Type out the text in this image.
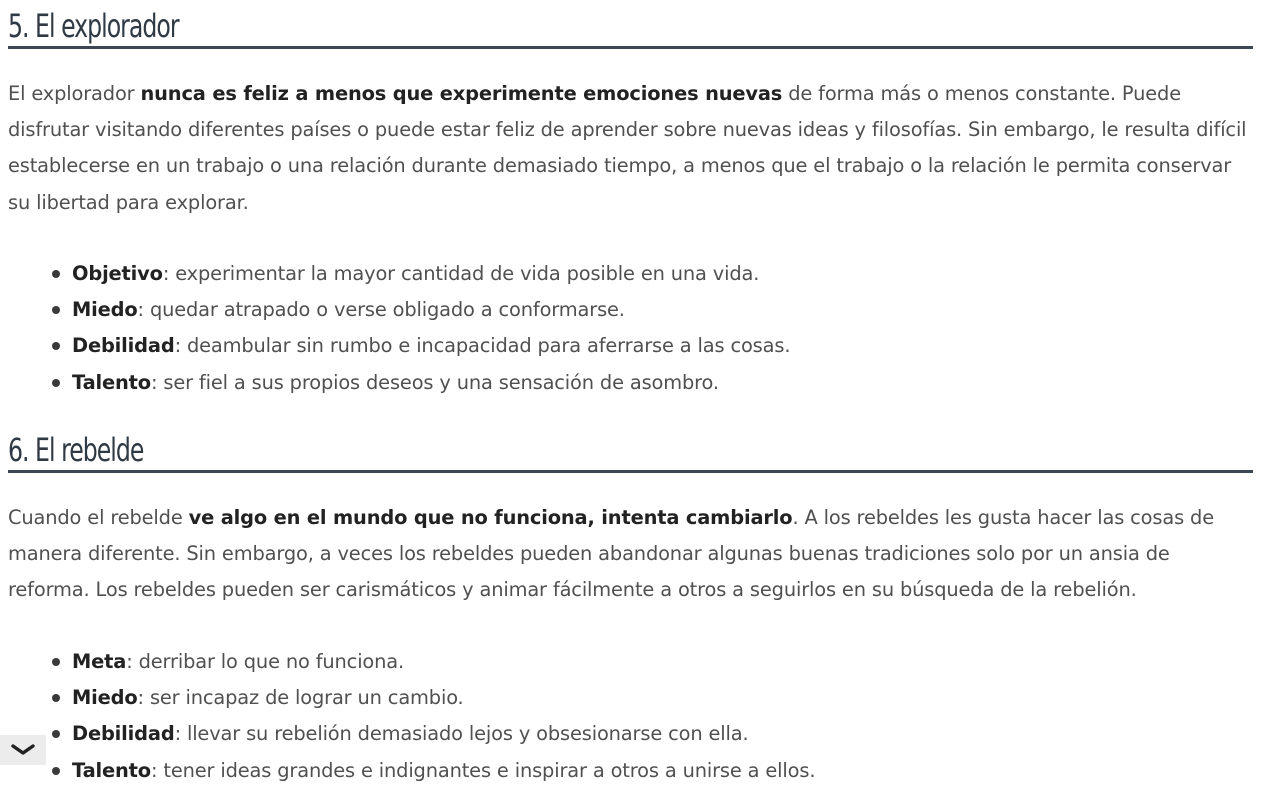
5. El explorador

El explorador nunca es feliz a menos que experimente emociones nuevas de forma más o menos constante. Puede disfrutar visitando diferentes países o puede estar feliz de aprender sobre nuevas ideas y filosofías. Sin embargo, le resulta difícil establecerse en un trabajo o una relación durante demasiado tiempo, a menos que el trabajo o la relación le permita conservar su libertad para explorar.

Objetivo: experimentar la mayor cantidad de vida posible en una vida.
Miedo: quedar atrapado o verse obligado a conformarse.
Debilidad: deambular sin rumbo e incapacidad para aferrarse a las cosas.
Talento: ser fiel a sus propios deseos y una sensación de asombro.
6. El rebelde

Cuando el rebelde ve algo en el mundo que no funciona, intenta cambiarlo. A los rebeldes les gusta hacer las cosas de manera diferente. Sin embargo, a veces los rebeldes pueden abandonar algunas buenas tradiciones solo por un ansia de reforma. Los rebeldes pueden ser carismáticos y animar fácilmente a otros a seguirlos en su búsqueda de la rebelión.

Meta: derribar lo que no funciona.
Miedo: ser incapaz de lograr un cambio.
Debilidad: llevar su rebelión demasiado lejos y obsesionarse con ella.
Talento: tener ideas grandes e indignantes e inspirar a otros a unirse a ellos.
